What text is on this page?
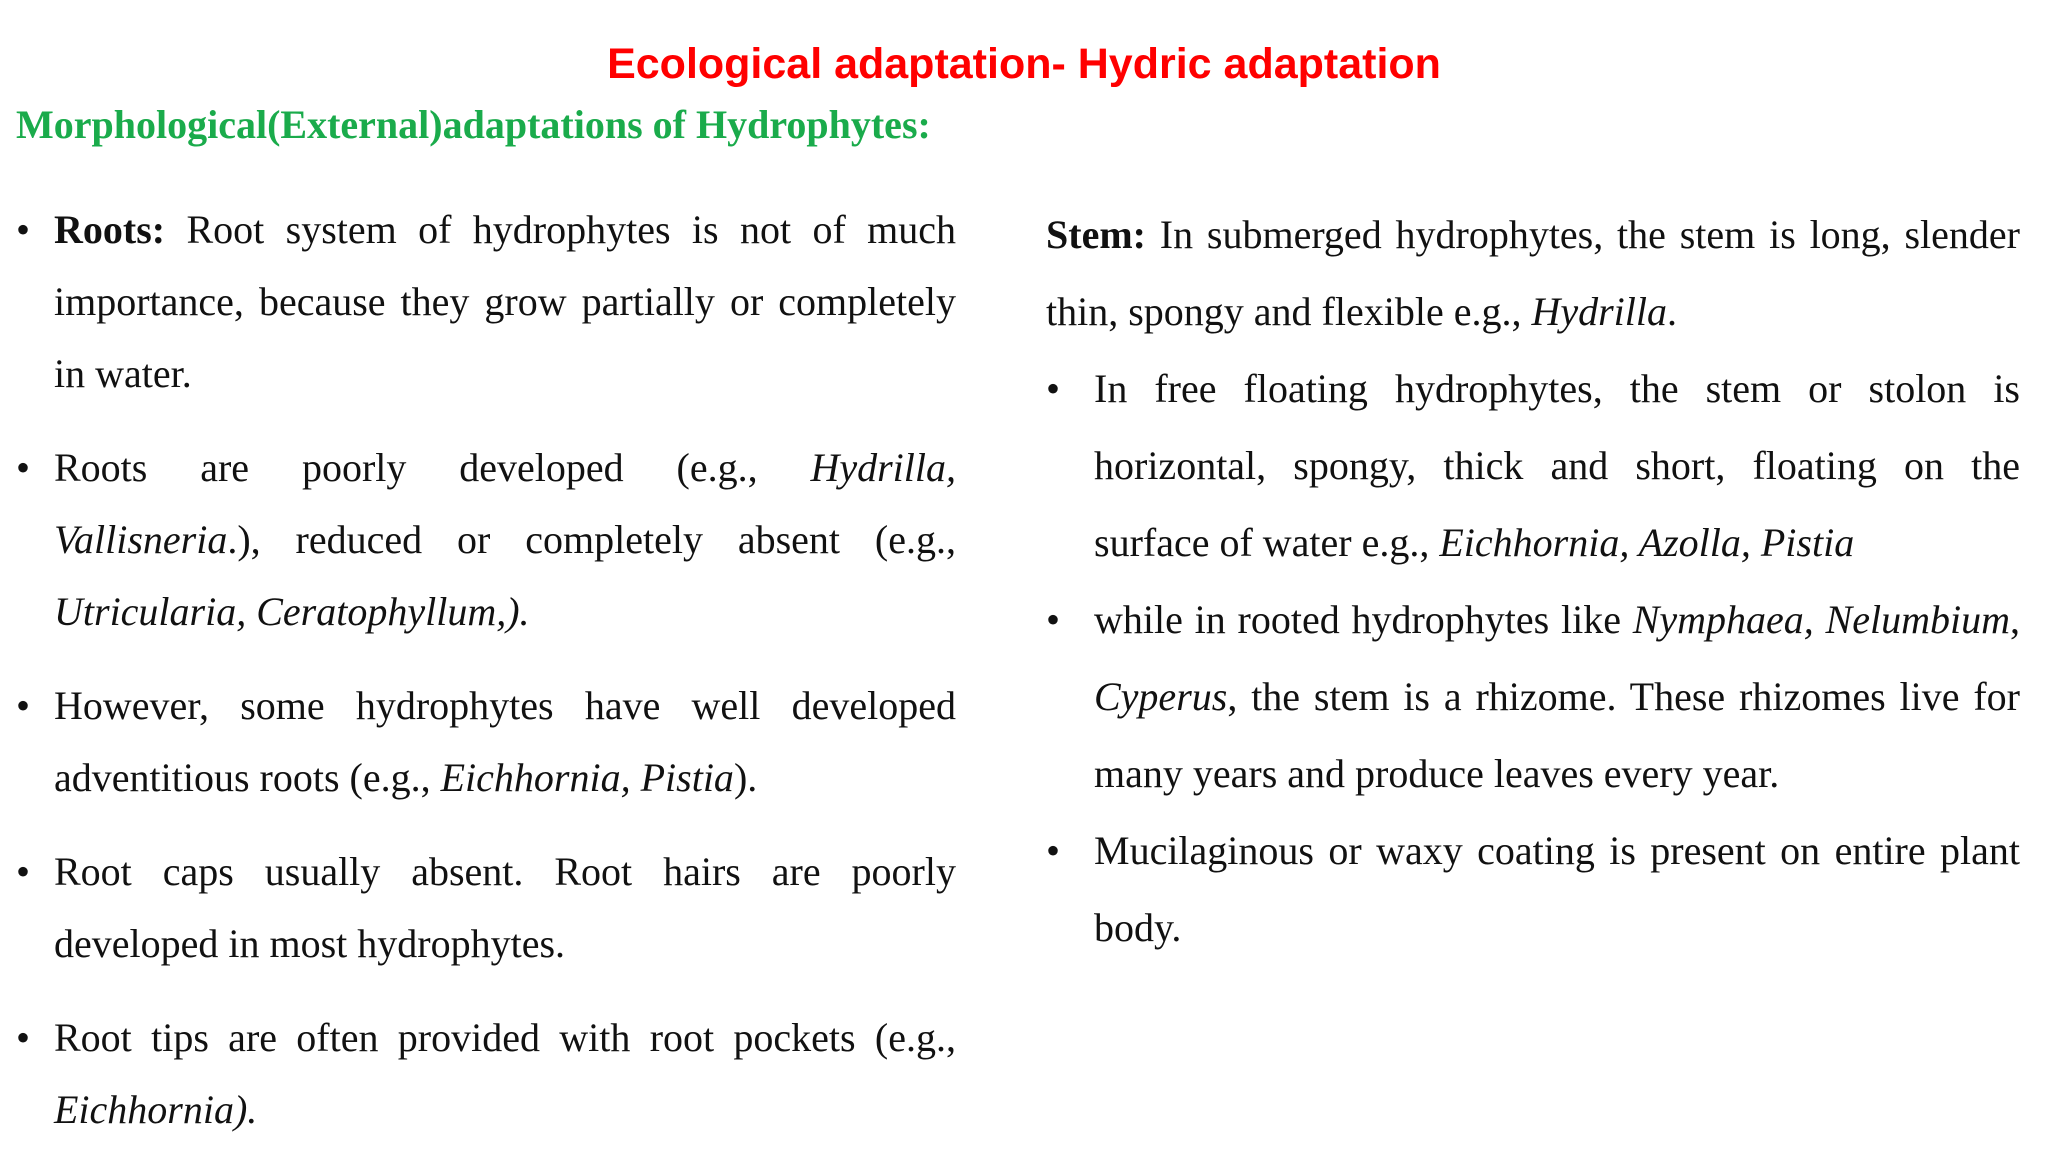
Ecological adaptation- Hydric adaptation
Morphological(External)adaptations of Hydrophytes:
• Roots: Root system of hydrophytes is not of much importance, because they grow partially or completely in water.
• Roots are poorly developed (e.g., Hydrilla, Vallisneria.), reduced or completely absent (e.g., Utricularia, Ceratophyllum,).
• However, some hydrophytes have well developed adventitious roots (e.g., Eichhornia, Pistia).
• Root caps usually absent. Root hairs are poorly developed in most hydrophytes.
• Root tips are often provided with root pockets (e.g., Eichhornia).

Stem: In submerged hydrophytes, the stem is long, slender thin, spongy and flexible e.g., Hydrilla.

• In free floating hydrophytes, the stem or stolon is horizontal, spongy, thick and short, floating on the surface of water e.g., Eichhornia, Azolla, Pistia
• while in rooted hydrophytes like Nymphaea, Nelumbium, Cyperus, the stem is a rhizome. These rhizomes live for many years and produce leaves every year.
• Mucilaginous or waxy coating is present on entire plant body.
